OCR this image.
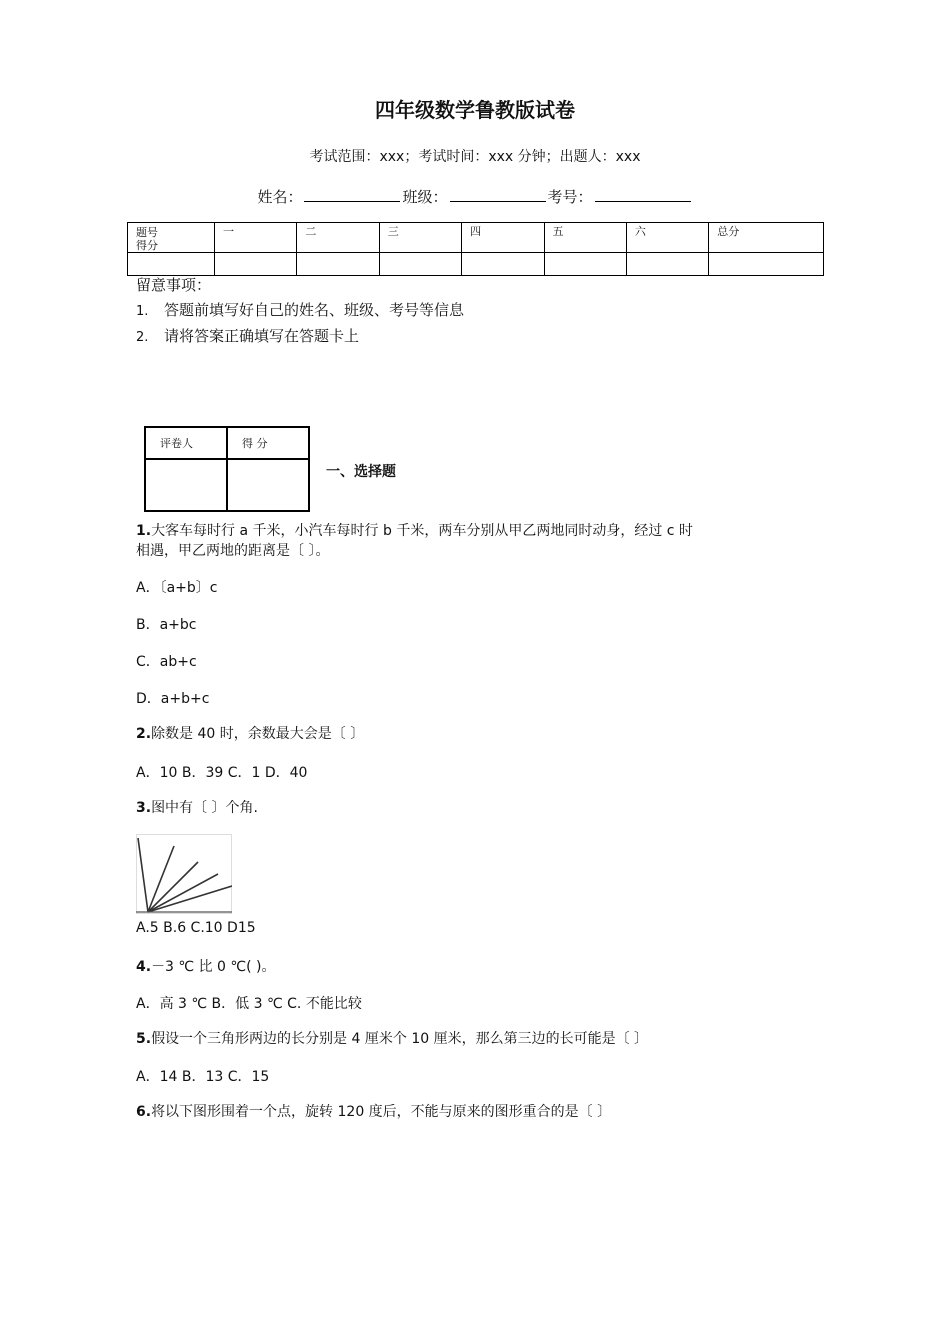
四年级数学鲁教版试卷
考试范围：xxx；考试时间：xxx 分钟；出题人：xxx
姓名：	班级：	考号：
题号
得分	一	二	三	四	五	六	总分

留意事项：
1. 答题前填写好自己的姓名、班级、考号等信息
2. 请将答案正确填写在答题卡上
评卷人	得 分

一、选择题
1.大客车每时行 a 千米，小汽车每时行 b 千米，两车分别从甲乙两地同时动身，经过 c 时
相遇，甲乙两地的距离是〔 〕。
A．〔a+b〕c
B．a+bc
C．ab+c
D．a+b+c
2.除数是 40 时，余数最大会是〔 〕
A．10 B．39 C．1 D．40
3.图中有〔 〕个角.
A.5 B.6 C.10 D15
4.－3 ℃ 比 0 ℃( )。
A．高 3 ℃ B．低 3 ℃ C. 不能比较
5.假设一个三角形两边的长分别是 4 厘米个 10 厘米，那么第三边的长可能是〔 〕
A．14 B．13 C．15
6.将以下图形围着一个点，旋转 120 度后，不能与原来的图形重合的是〔 〕
